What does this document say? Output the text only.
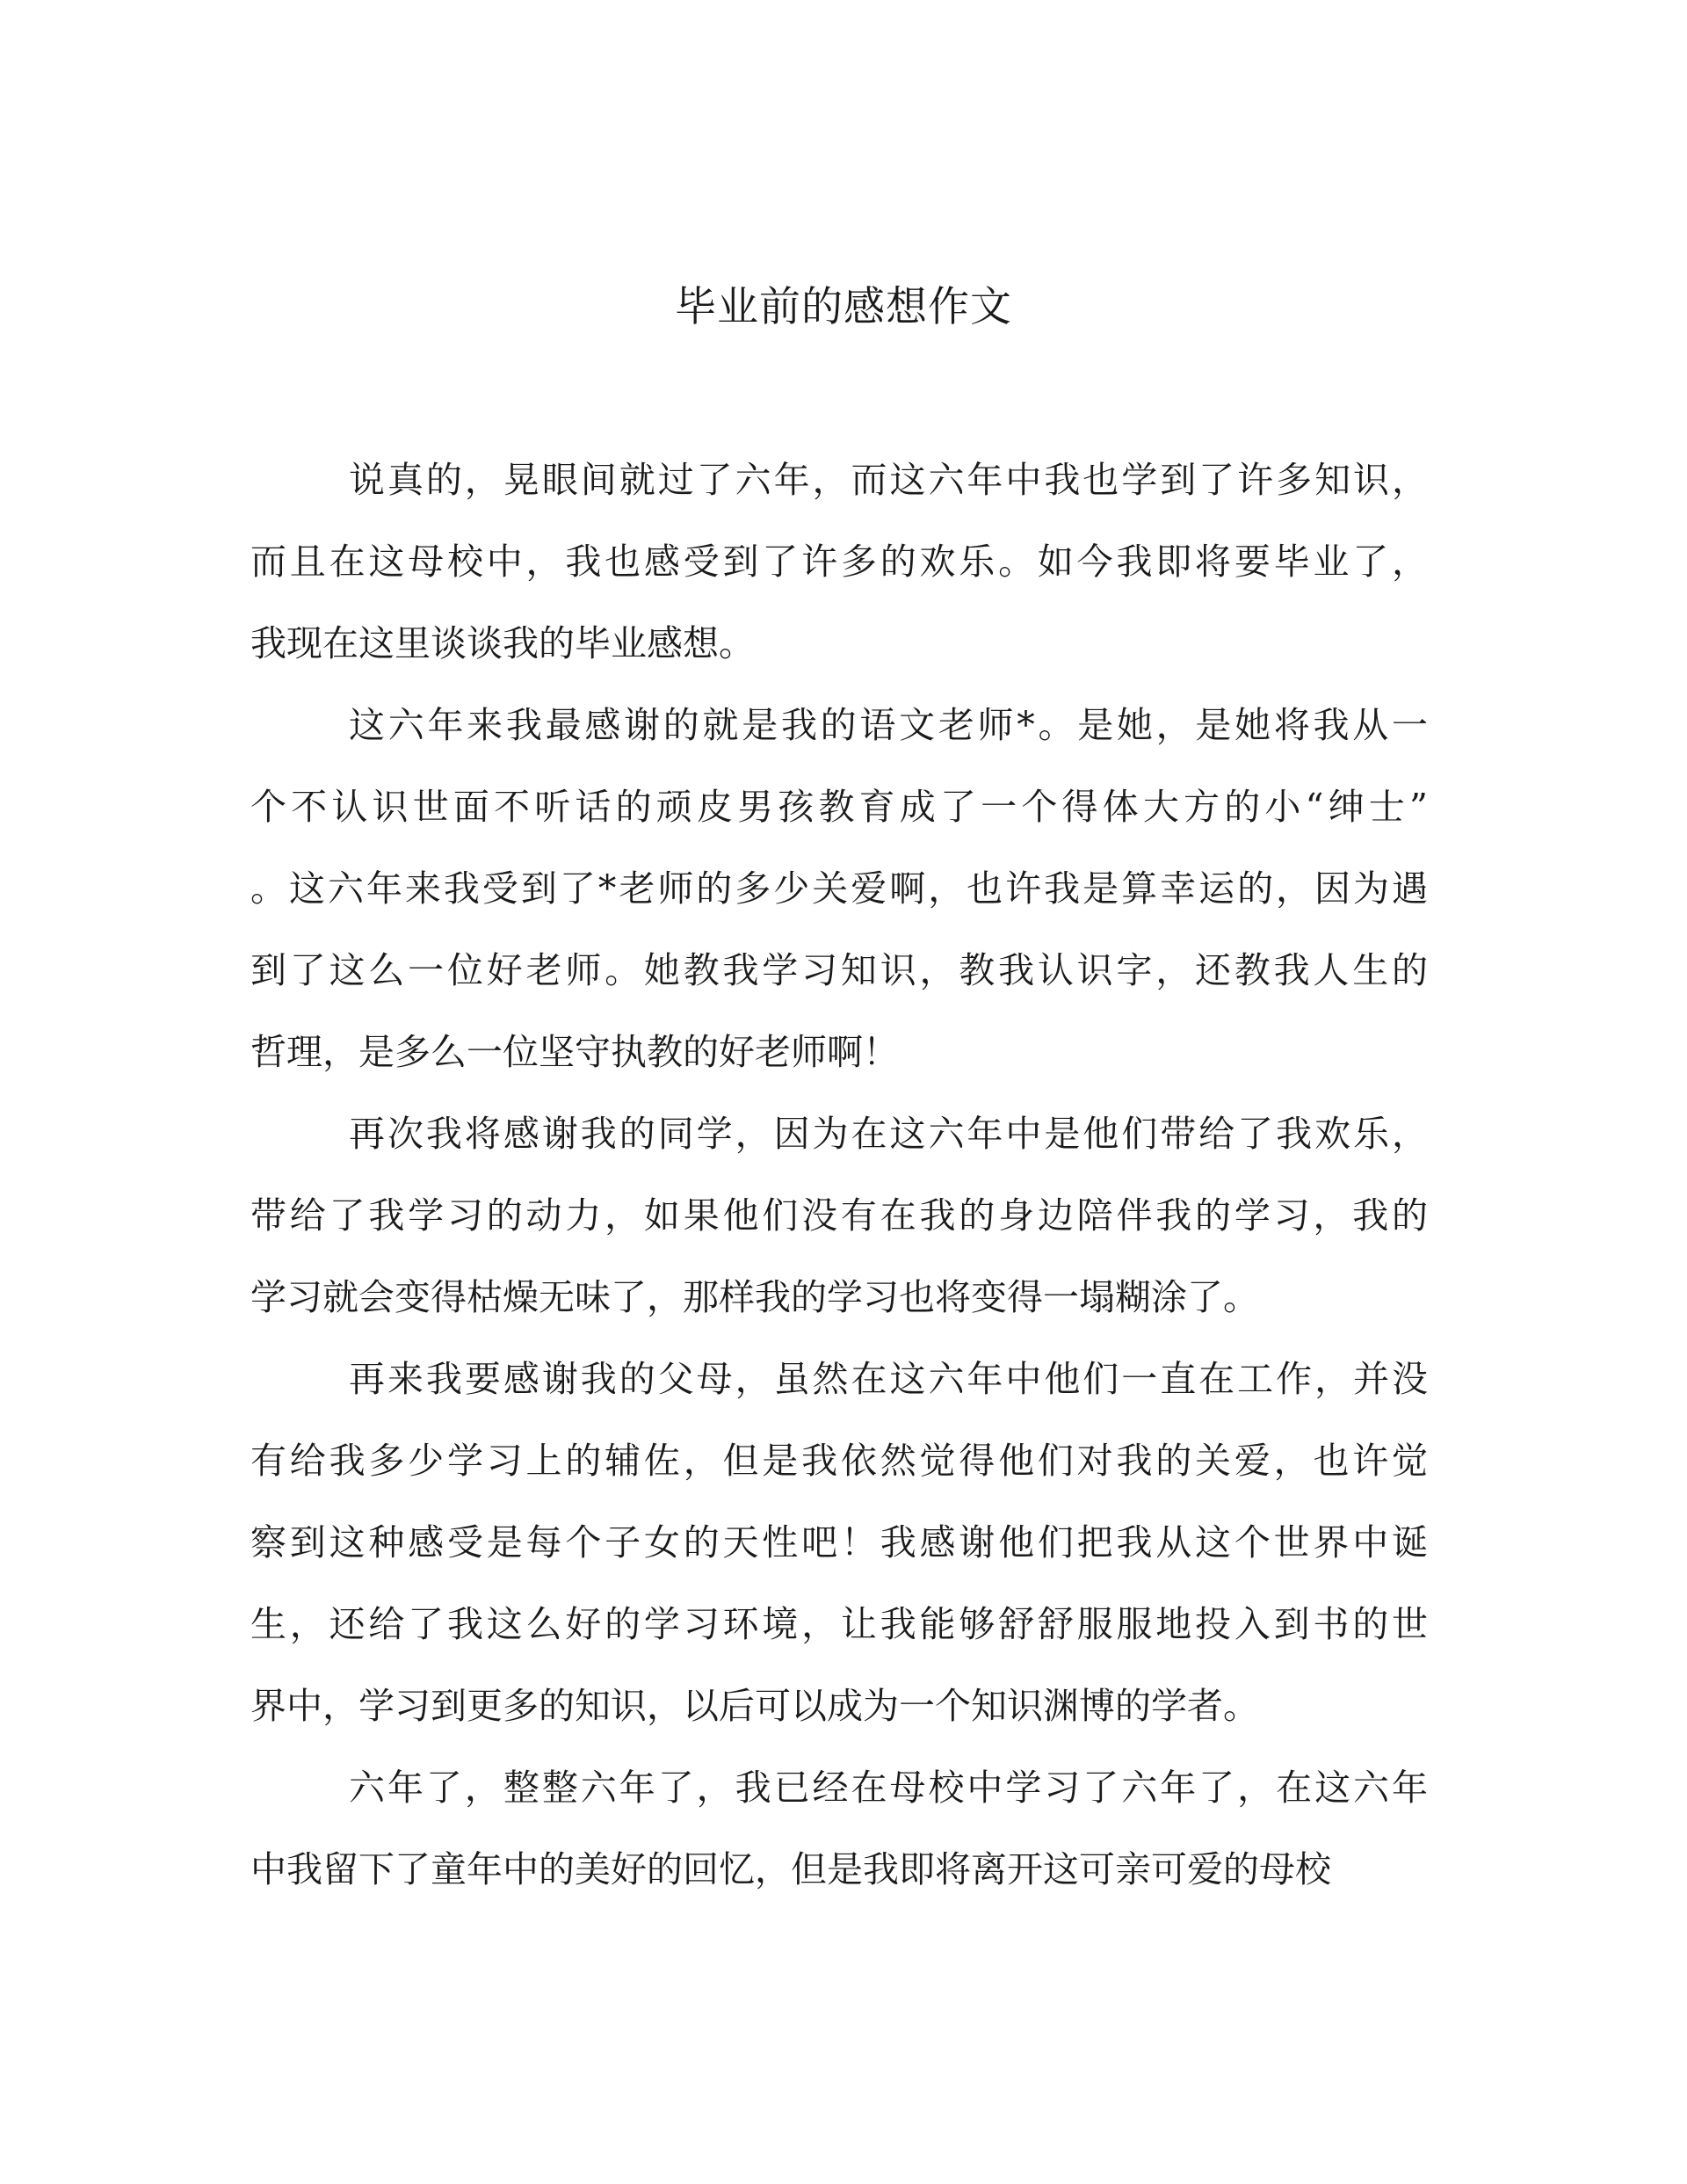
毕业前的感想作文
说真的，晃眼间就过了六年，而这六年中我也学到了许多知识，
而且在这母校中，我也感受到了许多的欢乐。如今我即将要毕业了，
我现在这里谈谈我的毕业感想。
这六年来我最感谢的就是我的语文老师*。是她，是她将我从一
个不认识世面不听话的顽皮男孩教育成了一个得体大方的小“绅士”
。这六年来我受到了*老师的多少关爱啊，也许我是算幸运的，因为遇
到了这么一位好老师。她教我学习知识，教我认识字，还教我人生的
哲理，是多么一位坚守执教的好老师啊！
再次我将感谢我的同学，因为在这六年中是他们带给了我欢乐，
带给了我学习的动力，如果他们没有在我的身边陪伴我的学习，我的
学习就会变得枯燥无味了，那样我的学习也将变得一塌糊涂了。
再来我要感谢我的父母，虽然在这六年中他们一直在工作，并没
有给我多少学习上的辅佐，但是我依然觉得他们对我的关爱，也许觉
察到这种感受是每个子女的天性吧！我感谢他们把我从这个世界中诞
生，还给了我这么好的学习环境，让我能够舒舒服服地投入到书的世
界中，学习到更多的知识，以后可以成为一个知识渊博的学者。
六年了，整整六年了，我已经在母校中学习了六年了，在这六年
中我留下了童年中的美好的回忆，但是我即将离开这可亲可爱的母校
